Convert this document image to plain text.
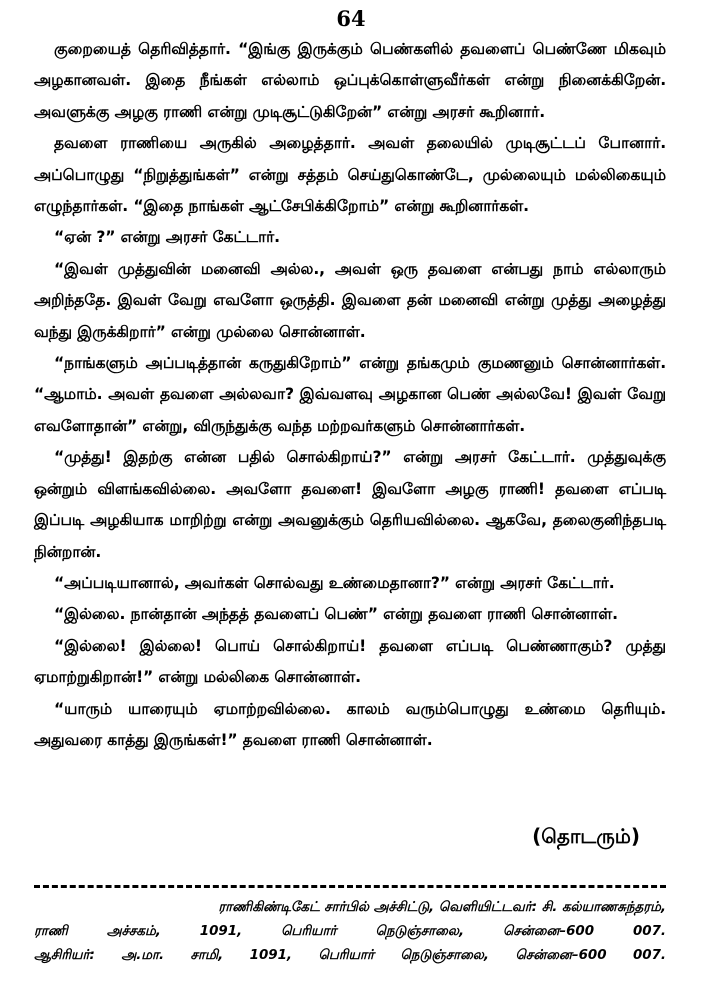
64

குறையைத் தெரிவித்தார். “இங்கு இருக்கும் பெண்களில் தவளைப் பெண்ணே மிகவும் அழகானவள். இதை நீங்கள் எல்லாம் ஒப்புக்கொள்ளுவீர்கள் என்று நினைக்கிறேன். அவளுக்கு அழகு ராணி என்று முடிசூட்டுகிறேன்” என்று அரசர் கூறினார்.

தவளை ராணியை அருகில் அழைத்தார். அவள் தலையில் முடிசூட்டப் போனார். அப்பொழுது “நிறுத்துங்கள்” என்று சத்தம் செய்துகொண்டே, முல்லையும் மல்லிகையும் எழுந்தார்கள். “இதை நாங்கள் ஆட்சேபிக்கிறோம்” என்று கூறினார்கள்.

“ஏன் ?” என்று அரசர் கேட்டார்.

“இவள் முத்துவின் மனைவி அல்ல., அவள் ஒரு தவளை என்பது நாம் எல்லாரும் அறிந்ததே. இவள் வேறு எவளோ ஒருத்தி. இவளை தன் மனைவி என்று முத்து அழைத்து வந்து இருக்கிறார்” என்று முல்லை சொன்னாள்.

“நாங்களும் அப்படித்தான் கருதுகிறோம்” என்று தங்கமும் குமணனும் சொன்னார்கள். “ஆமாம். அவள் தவளை அல்லவா? இவ்வளவு அழகான பெண் அல்லவே! இவள் வேறு எவளோதான்” என்று, விருந்துக்கு வந்த மற்றவர்களும் சொன்னார்கள்.

“முத்து! இதற்கு என்ன பதில் சொல்கிறாய்?” என்று அரசர் கேட்டார். முத்துவுக்கு ஒன்றும் விளங்கவில்லை. அவளோ தவளை! இவளோ அழகு ராணி! தவளை எப்படி இப்படி அழகியாக மாறிற்று என்று அவனுக்கும் தெரியவில்லை. ஆகவே, தலைகுனிந்தபடி நின்றான்.

“அப்படியானால், அவர்கள் சொல்வது உண்மைதானா?” என்று அரசர் கேட்டார்.

“இல்லை. நான்தான் அந்தத் தவளைப் பெண்” என்று தவளை ராணி சொன்னாள்.

“இல்லை! இல்லை! பொய் சொல்கிறாய்! தவளை எப்படி பெண்ணாகும்? முத்து ஏமாற்றுகிறான்!” என்று மல்லிகை சொன்னாள்.

“யாரும் யாரையும் ஏமாற்றவில்லை. காலம் வரும்பொழுது உண்மை தெரியும். அதுவரை காத்து இருங்கள்!” தவளை ராணி சொன்னாள்.

(தொடரும்)

ராணிகிண்டிகேட் சார்பில் அச்சிட்டு, வெளியிட்டவர்: சி. கல்யாணசுந்தரம்,

ராணி அச்சகம், 1091, பெரியார் நெடுஞ்சாலை, சென்னை–600 007.

ஆசிரியர்: அ.மா. சாமி, 1091, பெரியார் நெடுஞ்சாலை, சென்னை–600 007.
